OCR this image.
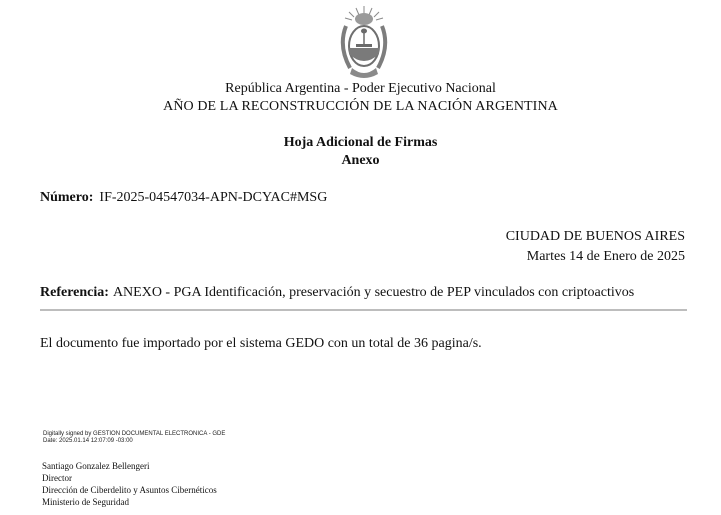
República Argentina - Poder Ejecutivo Nacional
AÑO DE LA RECONSTRUCCIÓN DE LA NACIÓN ARGENTINA
Hoja Adicional de Firmas
Anexo
Número: IF-2025-04547034-APN-DCYAC#MSG
CIUDAD DE BUENOS AIRES
Martes 14 de Enero de 2025
Referencia: ANEXO - PGA Identificación, preservación y secuestro de PEP vinculados con criptoactivos
El documento fue importado por el sistema GEDO con un total de 36 pagina/s.
Digitally signed by GESTION DOCUMENTAL ELECTRONICA - GDE
Date: 2025.01.14 12:07:09 -03:00
Santiago Gonzalez Bellengeri
Director
Dirección de Ciberdelito y Asuntos Cibernéticos
Ministerio de Seguridad
